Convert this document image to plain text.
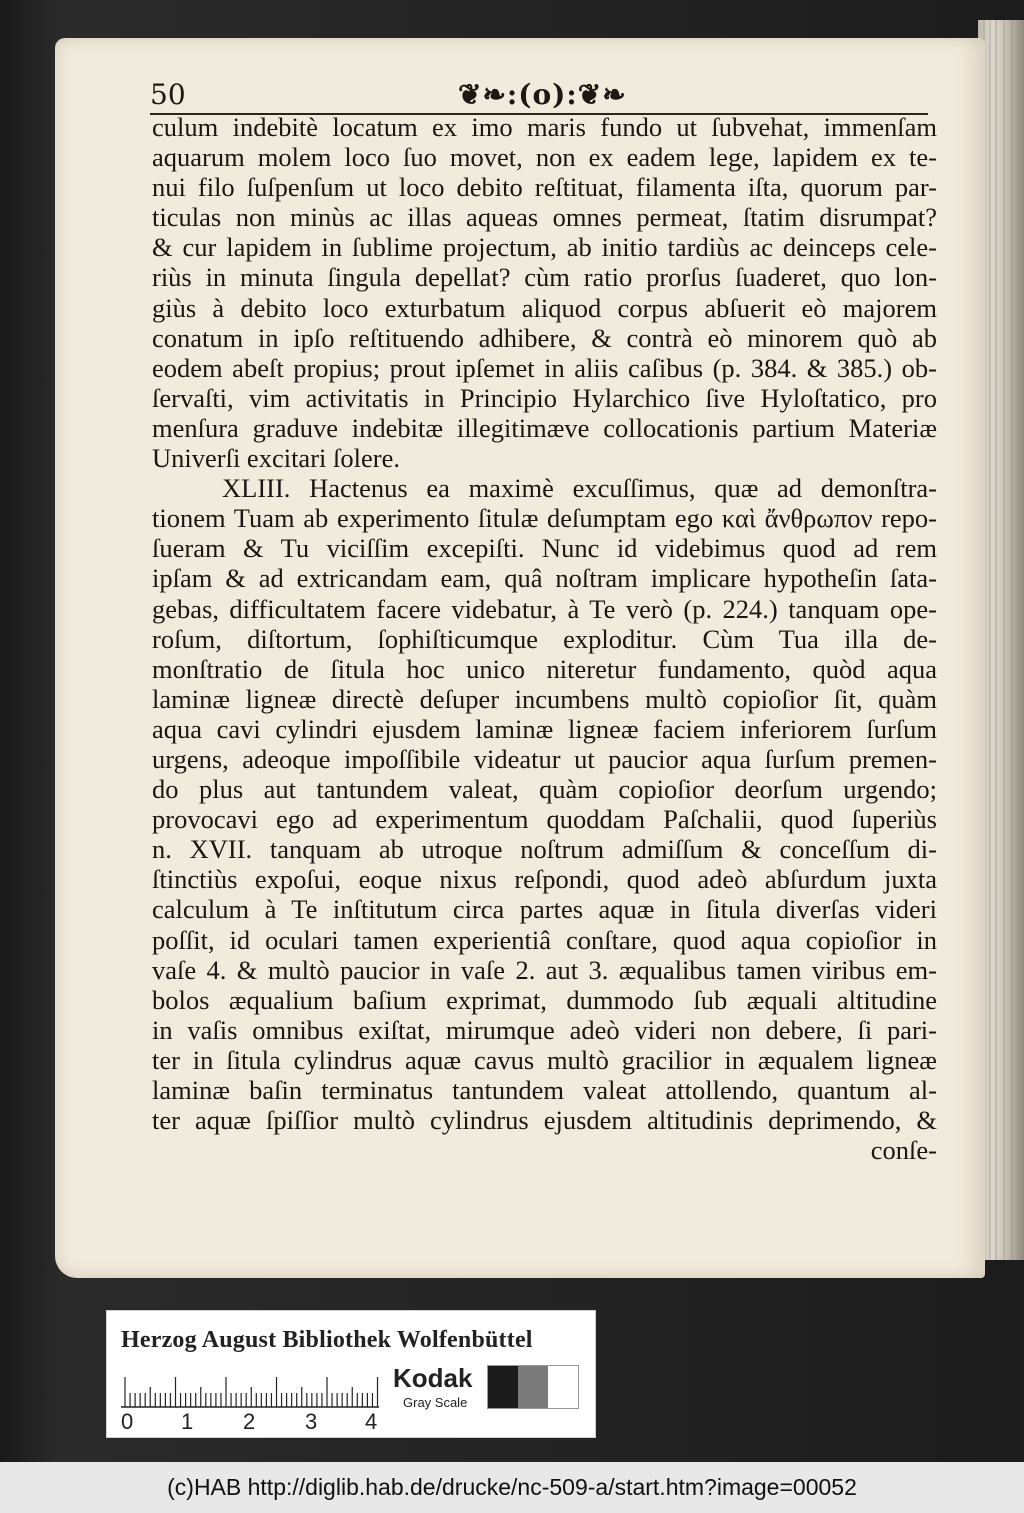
50	❦❧:(o):❦❧
culum indebitè locatum ex imo maris fundo ut ſubvehat, immenſam
aquarum molem loco ſuo movet, non ex eadem lege, lapidem ex te-
nui filo ſuſpenſum ut loco debito reſtituat, filamenta iſta, quorum par-
ticulas non minùs ac illas aqueas omnes permeat, ſtatim disrumpat?
& cur lapidem in ſublime projectum, ab initio tardiùs ac deinceps cele-
riùs in minuta ſingula depellat? cùm ratio prorſus ſuaderet, quo lon-
giùs à debito loco exturbatum aliquod corpus abſuerit eò majorem
conatum in ipſo reſtituendo adhibere, & contrà eò minorem quò ab
eodem abeſt propius; prout ipſemet in aliis caſibus (p. 384. & 385.) ob-
ſervaſti, vim activitatis in Principio Hylarchico ſive Hyloſtatico, pro
menſura graduve indebitæ illegitimæve collocationis partium Materiæ
Univerſi excitari ſolere.
XLIII. Hactenus ea maximè excuſſimus, quæ ad demonſtra-
tionem Tuam ab experimento ſitulæ deſumptam ego καὶ ἄνθρωπον repo-
ſueram & Tu viciſſim excepiſti. Nunc id videbimus quod ad rem
ipſam & ad extricandam eam, quâ noſtram implicare hypotheſin ſata-
gebas, difficultatem facere videbatur, à Te verò (p. 224.) tanquam ope-
roſum, diſtortum, ſophiſticumque exploditur. Cùm Tua illa de-
monſtratio de ſitula hoc unico niteretur fundamento, quòd aqua
laminæ ligneæ directè deſuper incumbens multò copioſior ſit, quàm
aqua cavi cylindri ejusdem laminæ ligneæ faciem inferiorem ſurſum
urgens, adeoque impoſſibile videatur ut paucior aqua ſurſum premen-
do plus aut tantundem valeat, quàm copioſior deorſum urgendo;
provocavi ego ad experimentum quoddam Paſchalii, quod ſuperiùs
n. XVII. tanquam ab utroque noſtrum admiſſum & conceſſum di-
ſtinctiùs expoſui, eoque nixus reſpondi, quod adeò abſurdum juxta
calculum à Te inſtitutum circa partes aquæ in ſitula diverſas videri
poſſit, id oculari tamen experientiâ conſtare, quod aqua copioſior in
vaſe 4. & multò paucior in vaſe 2. aut 3. æqualibus tamen viribus em-
bolos æqualium baſium exprimat, dummodo ſub æquali altitudine
in vaſis omnibus exiſtat, mirumque adeò videri non debere, ſi pari-
ter in ſitula cylindrus aquæ cavus multò gracilior in æqualem ligneæ
laminæ baſin terminatus tantundem valeat attollendo, quantum al-
ter aquæ ſpiſſior multò cylindrus ejusdem altitudinis deprimendo, &
conſe-
Herzog August Bibliothek Wolfenbüttel
0 1 2 3 4
Kodak
Gray Scale
(c)HAB http://diglib.hab.de/drucke/nc-509-a/start.htm?image=00052
